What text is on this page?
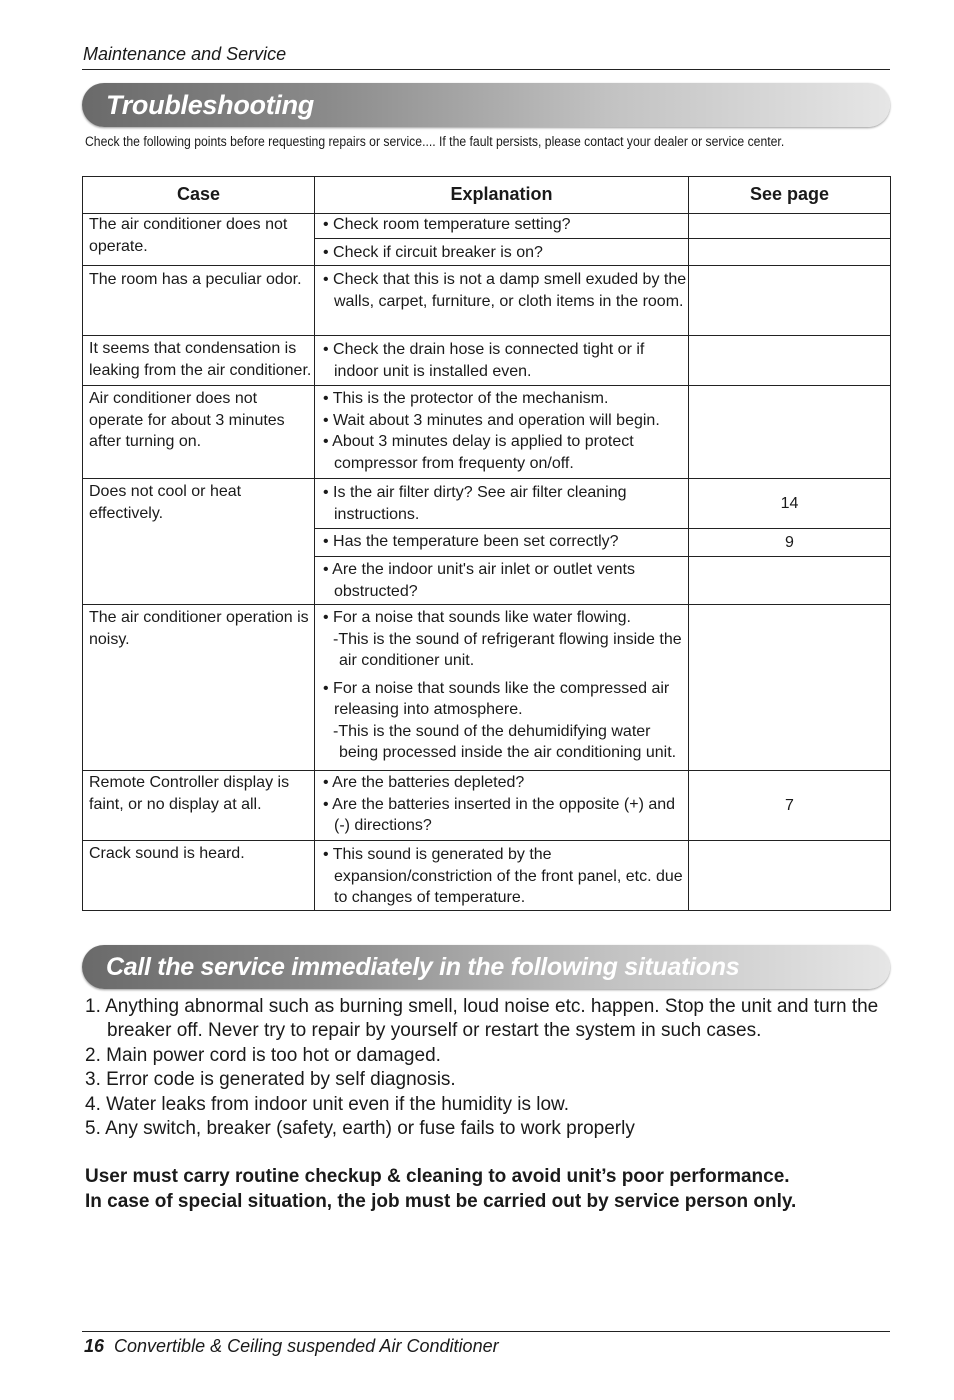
Maintenance and Service
Troubleshooting
Check the following points before requesting repairs or service.... If the fault persists, please contact your dealer or service center.
Case	Explanation	See page
The air conditioner does not operate.	• Check room temperature setting?	

	• Check if circuit breaker is on?	

The room has a peculiar odor.	• Check that this is not a damp smell exuded by the walls, carpet, furniture, or cloth items in the room.	

It seems that condensation is leaking from the air conditioner.	• Check the drain hose is connected tight or if indoor unit is installed even.	

Air conditioner does not operate for about 3 minutes after turning on.	• This is the protector of the mechanism.
• Wait about 3 minutes and operation will begin.
• About 3 minutes delay is applied to protect compressor from frequenty on/off.	

Does not cool or heat effectively.	• Is the air filter dirty? See air filter cleaning instructions.	14

	• Has the temperature been set correctly?	9

	• Are the indoor unit's air inlet or outlet vents obstructed?	

The air conditioner operation is noisy.	• For a noise that sounds like water flowing.
-This is the sound of refrigerant flowing inside the air conditioner unit.
• For a noise that sounds like the compressed air releasing into atmosphere.
-This is the sound of the dehumidifying water being processed inside the air conditioning unit.	

Remote Controller display is faint, or no display at all.	• Are the batteries depleted?
• Are the batteries inserted in the opposite (+) and (-) directions?	7
Crack sound is heard.	• This sound is generated by the expansion/constriction of the front panel, etc. due to changes of temperature.	

Call the service immediately in the following situations
1. Anything abnormal such as burning smell, loud noise etc. happen. Stop the unit and turn the breaker off. Never try to repair by yourself or restart the system in such cases.
2. Main power cord is too hot or damaged.
3. Error code is generated by self diagnosis.
4. Water leaks from indoor unit even if the humidity is low.
5. Any switch, breaker (safety, earth) or fuse fails to work properly
User must carry routine checkup & cleaning to avoid unit’s poor performance.
In case of special situation, the job must be carried out by service person only.
16 Convertible & Ceiling suspended Air Conditioner
